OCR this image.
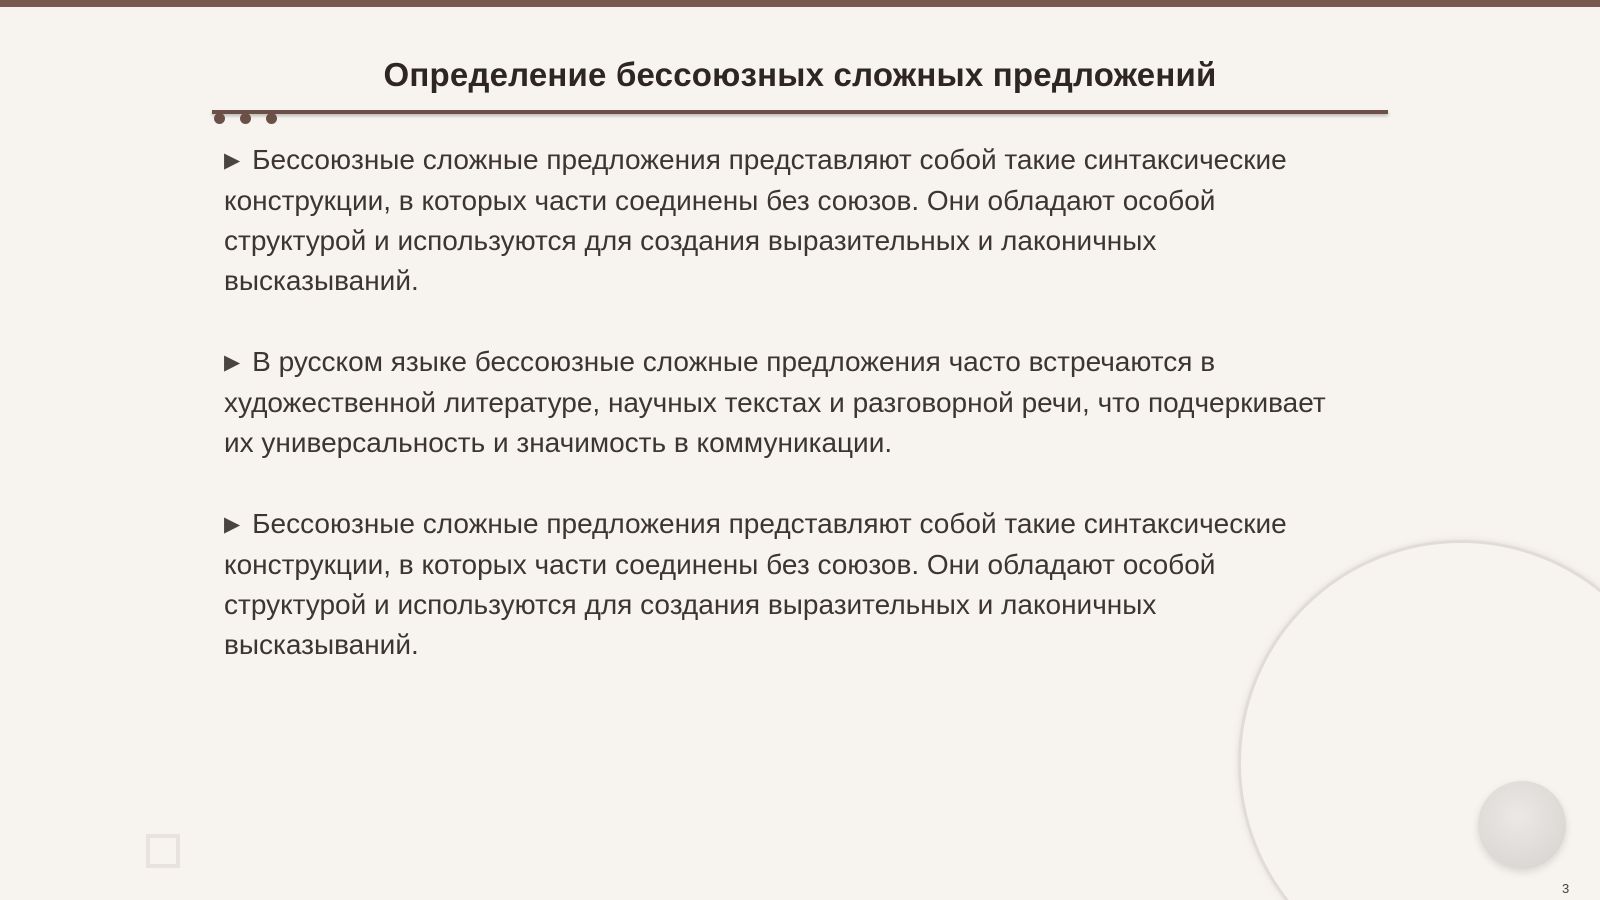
Определение бессоюзных сложных предложений

▶ Бессоюзные сложные предложения представляют собой такие синтаксические конструкции, в которых части соединены без союзов. Они обладают особой структурой и используются для создания выразительных и лаконичных высказываний.

▶ В русском языке бессоюзные сложные предложения часто встречаются в художественной литературе, научных текстах и разговорной речи, что подчеркивает их универсальность и значимость в коммуникации.

▶ Бессоюзные сложные предложения представляют собой такие синтаксические конструкции, в которых части соединены без союзов. Они обладают особой структурой и используются для создания выразительных и лаконичных высказываний.

3
